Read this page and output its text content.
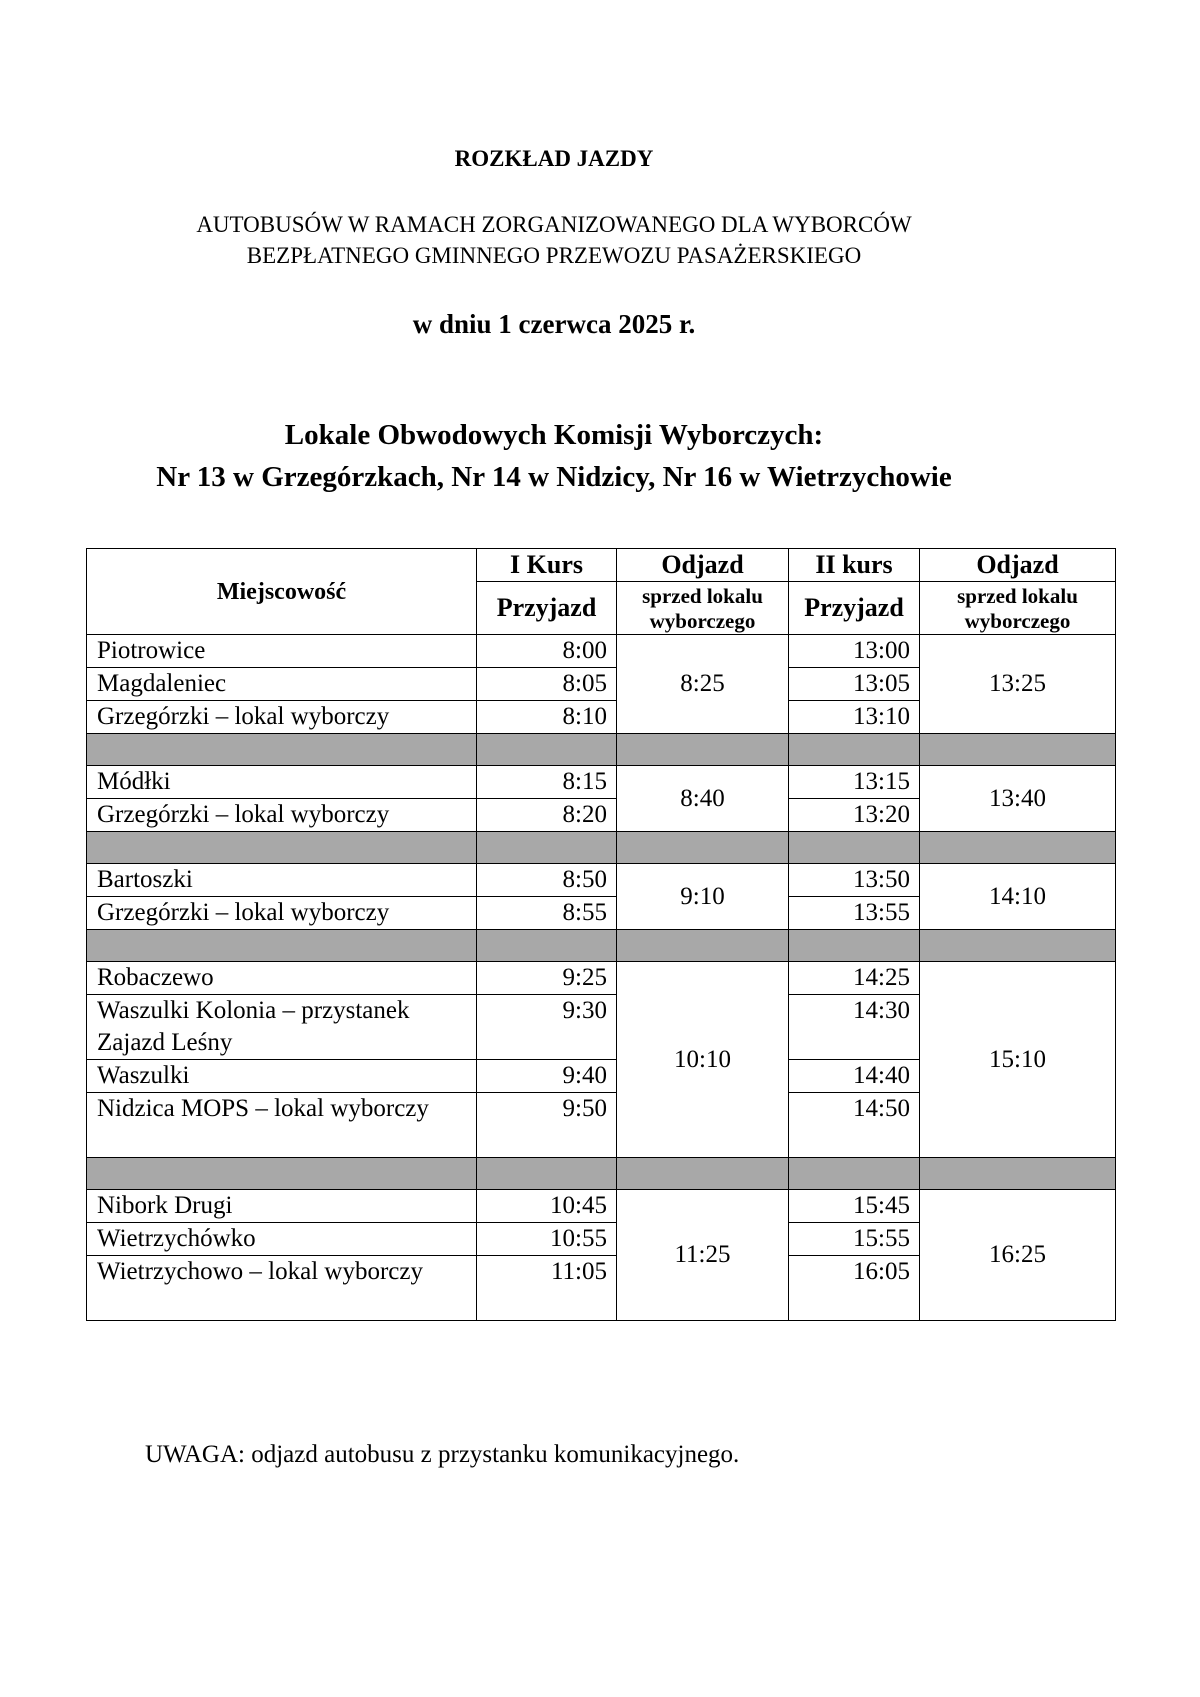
ROZKŁAD JAZDY
AUTOBUSÓW W RAMACH ZORGANIZOWANEGO DLA WYBORCÓW
BEZPŁATNEGO GMINNEGO PRZEWOZU PASAŻERSKIEGO
w dniu 1 czerwca 2025 r.
Lokale Obwodowych Komisji Wyborczych:
Nr 13 w Grzegórzkach, Nr 14 w Nidzicy, Nr 16 w Wietrzychowie
Miejscowość	I Kurs	Odjazd	II kurs	Odjazd
	Przyjazd	sprzed lokalu wyborczego	Przyjazd	sprzed lokalu wyborczego
Piotrowice	8:00	8:25	13:00	13:25
Magdaleniec	8:05		13:05	
Grzegórzki – lokal wyborczy	8:10		13:10	

Módłki	8:15	8:40	13:15	13:40
Grzegórzki – lokal wyborczy	8:20		13:20	

Bartoszki	8:50	9:10	13:50	14:10
Grzegórzki – lokal wyborczy	8:55		13:55	

Robaczewo	9:25	10:10	14:25	15:10
Waszulki Kolonia – przystanek Zajazd Leśny	9:30		14:30	
Waszulki	9:40		14:40	
Nidzica MOPS – lokal wyborczy	9:50		14:50	

Nibork Drugi	10:45	11:25	15:45	16:25
Wietrzychówko	10:55		15:55	
Wietrzychowo – lokal wyborczy	11:05		16:05	
UWAGA: odjazd autobusu z przystanku komunikacyjnego.
